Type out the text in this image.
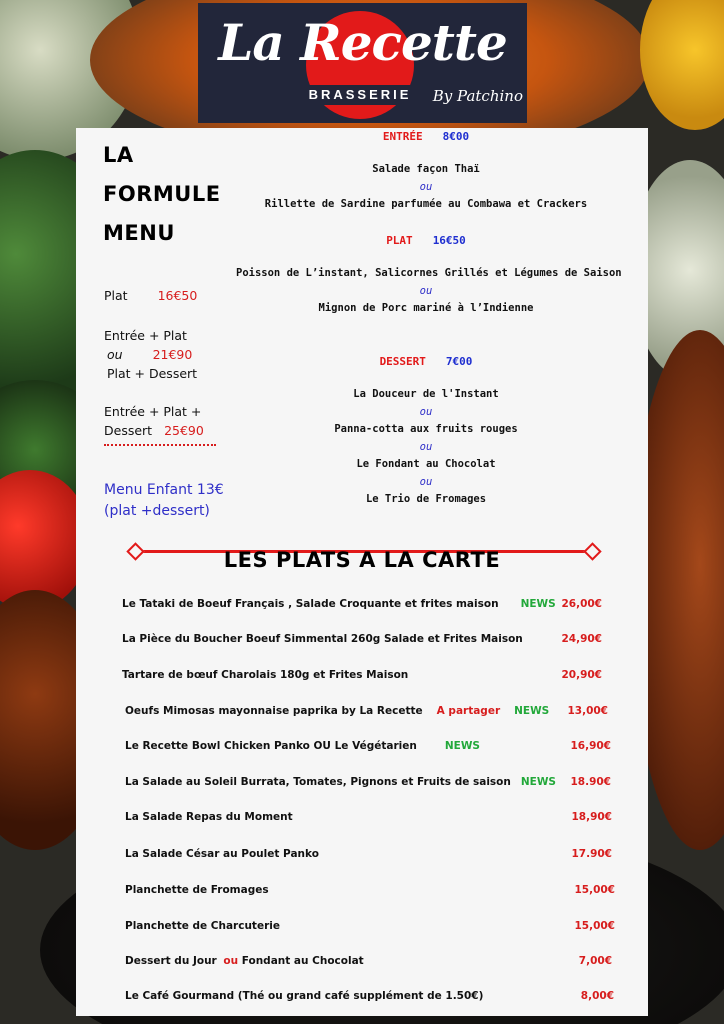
La Recette
BRASSERIE	By Patchino
LA
FORMULE
MENU
Plat 16€50
Entrée + Plat
ou 21€90
Plat + Dessert
Entrée + Plat +
Dessert 25€90
Menu Enfant 13€
(plat +dessert)
ENTRÉE 8€00
Salade façon Thaï
ou
Rillette de Sardine parfumée au Combawa et Crackers
PLAT 16€50
Poisson de L’instant, Salicornes Grillés et Légumes de Saison
ou
Mignon de Porc mariné à l’Indienne
DESSERT 7€00
La Douceur de l'Instant
ou
Panna-cotta aux fruits rouges
ou
Le Fondant au Chocolat
ou
Le Trio de Fromages
LES PLATS A LA CARTE
Le Tataki de Boeuf Français , Salade Croquante et frites maison NEWS 26,00€
La Pièce du Boucher Boeuf Simmental 260g Salade et Frites Maison	24,90€
Tartare de bœuf Charolais 180g et Frites Maison	20,90€
Oeufs Mimosas mayonnaise paprika by La Recette A partager NEWS 13,00€
Le Recette Bowl Chicken Panko OU Le Végétarien	NEWS	16,90€
La Salade au Soleil Burrata, Tomates, Pignons et Fruits de saison NEWS 18.90€
La Salade Repas du Moment	18,90€
La Salade César au Poulet Panko	17.90€
Planchette de Fromages	15,00€
Planchette de Charcuterie	15,00€
Dessert du Jour ou Fondant au Chocolat	7,00€
Le Café Gourmand (Thé ou grand café supplément de 1.50€)	8,00€
